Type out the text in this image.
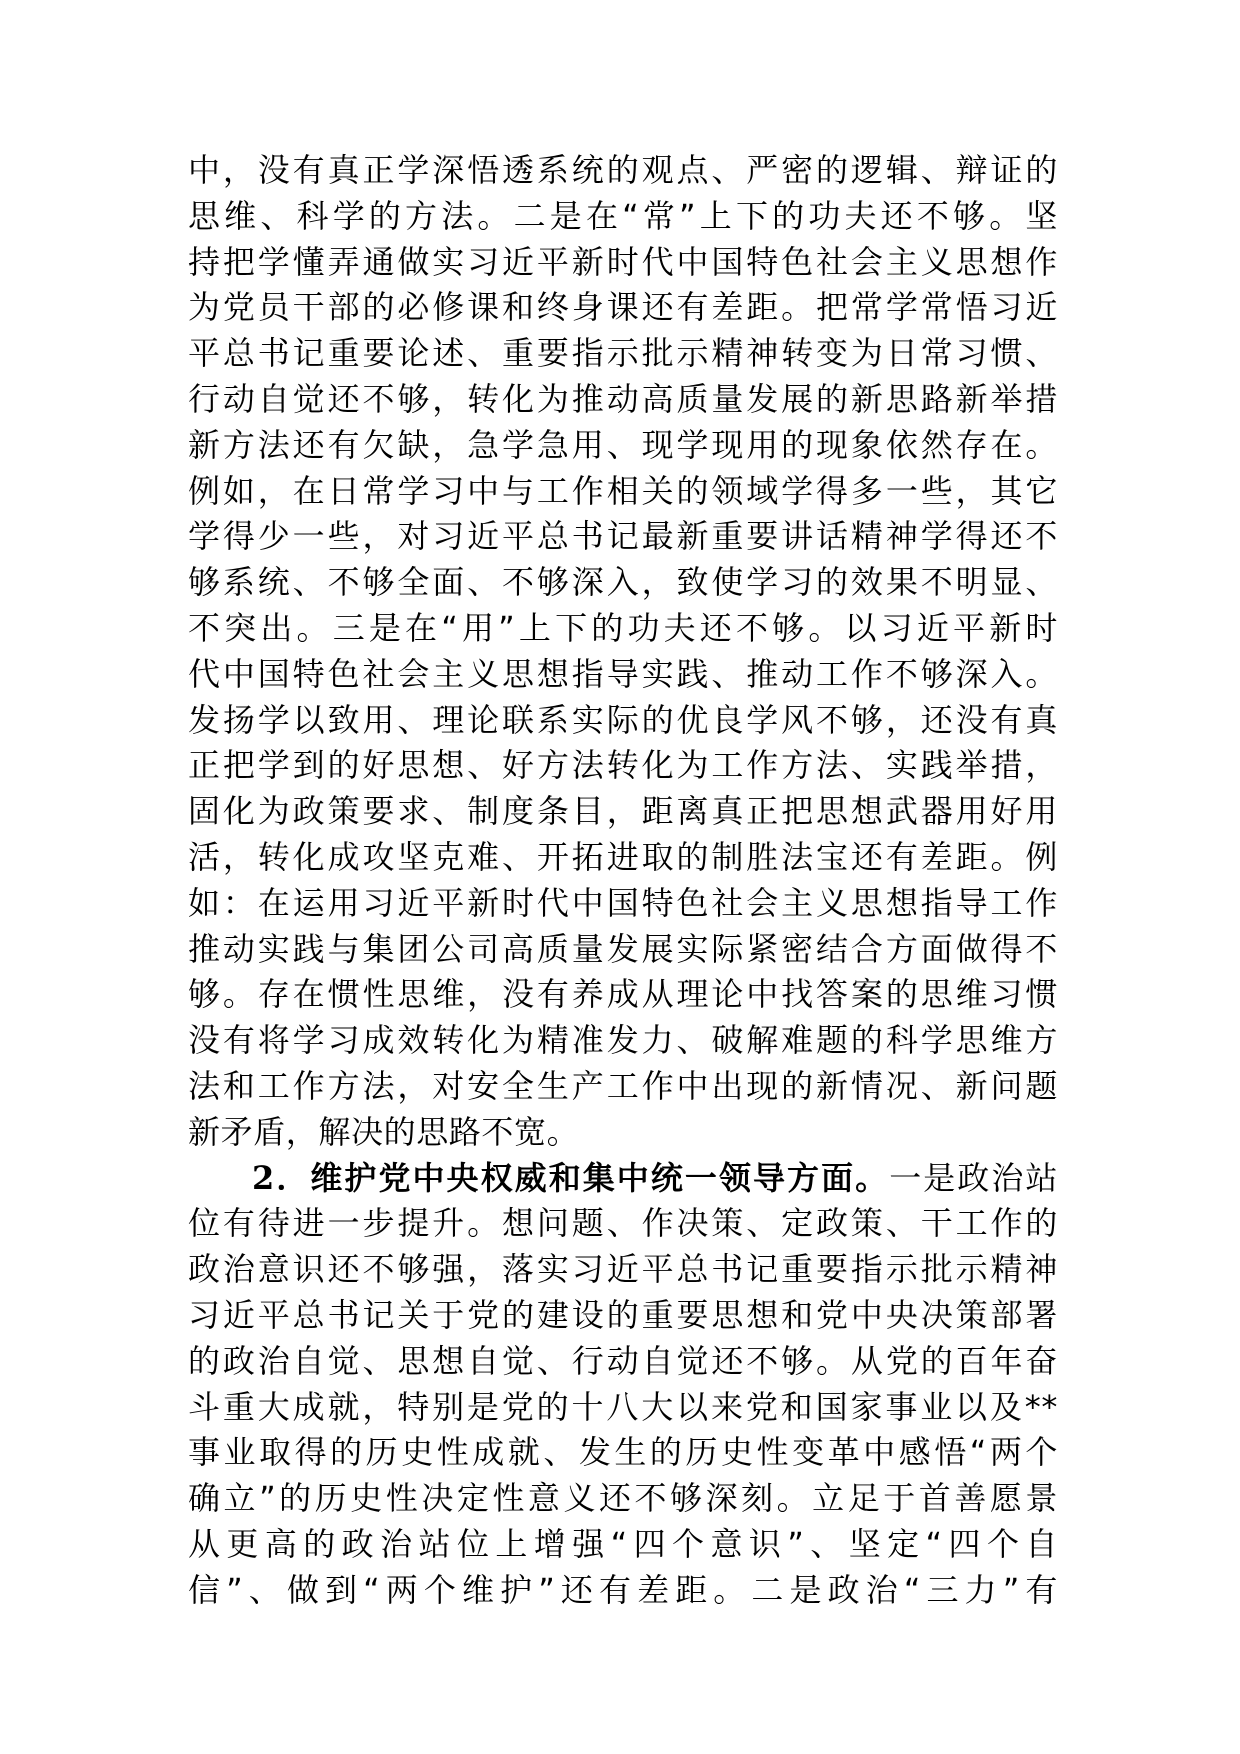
中，没有真正学深悟透系统的观点、严密的逻辑、辩证的
思维、科学的方法。二是在“常”上下的功夫还不够。坚
持把学懂弄通做实习近平新时代中国特色社会主义思想作
为党员干部的必修课和终身课还有差距。把常学常悟习近
平总书记重要论述、重要指示批示精神转变为日常习惯、
行动自觉还不够，转化为推动高质量发展的新思路新举措
新方法还有欠缺，急学急用、现学现用的现象依然存在。
例如，在日常学习中与工作相关的领域学得多一些，其它
学得少一些，对习近平总书记最新重要讲话精神学得还不
够系统、不够全面、不够深入，致使学习的效果不明显、
不突出。三是在“用”上下的功夫还不够。以习近平新时
代中国特色社会主义思想指导实践、推动工作不够深入。
发扬学以致用、理论联系实际的优良学风不够，还没有真
正把学到的好思想、好方法转化为工作方法、实践举措，
固化为政策要求、制度条目，距离真正把思想武器用好用
活，转化成攻坚克难、开拓进取的制胜法宝还有差距。例
如：在运用习近平新时代中国特色社会主义思想指导工作
推动实践与集团公司高质量发展实际紧密结合方面做得不
够。存在惯性思维，没有养成从理论中找答案的思维习惯
没有将学习成效转化为精准发力、破解难题的科学思维方
法和工作方法，对安全生产工作中出现的新情况、新问题
新矛盾，解决的思路不宽。
2．维护党中央权威和集中统一领导方面。一是政治站
位有待进一步提升。想问题、作决策、定政策、干工作的
政治意识还不够强，落实习近平总书记重要指示批示精神
习近平总书记关于党的建设的重要思想和党中央决策部署
的政治自觉、思想自觉、行动自觉还不够。从党的百年奋
斗重大成就，特别是党的十八大以来党和国家事业以及**
事业取得的历史性成就、发生的历史性变革中感悟“两个
确立”的历史性决定性意义还不够深刻。立足于首善愿景
从更高的政治站位上增强“四个意识”、坚定“四个自
信”、做到“两个维护”还有差距。二是政治“三力”有
